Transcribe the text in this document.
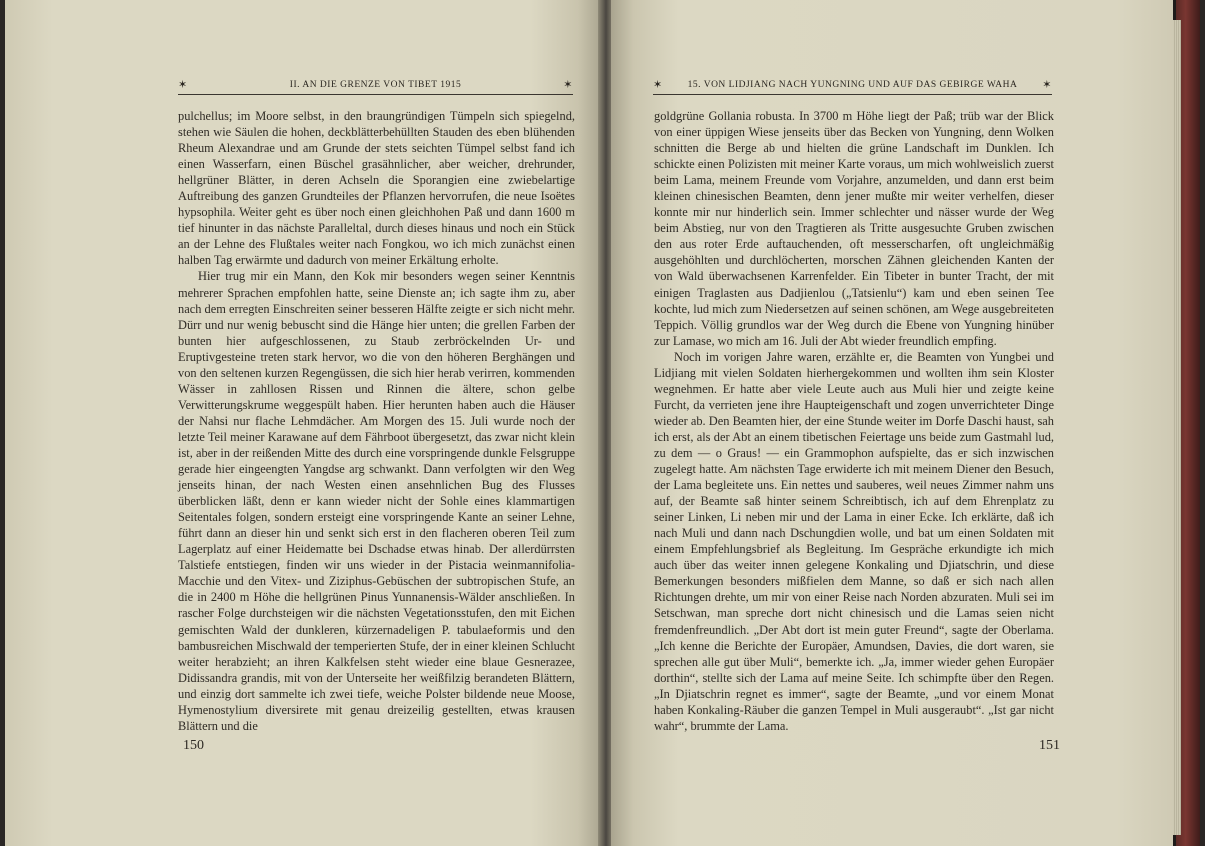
✶	II. AN DIE GRENZE VON TIBET 1915	✶

pulchellus; im Moore selbst, in den braungründigen Tümpeln sich spiegelnd, stehen wie Säulen die hohen, deckblätterbehüllten Stauden des eben blühenden Rheum Alexandrae und am Grunde der stets seichten Tümpel selbst fand ich einen Wasserfarn, einen Büschel grasähnlicher, aber weicher, drehrunder, hellgrüner Blätter, in deren Achseln die Sporangien eine zwiebelartige Auftreibung des ganzen Grundteiles der Pflanzen hervorrufen, die neue Isoëtes hypsophila. Weiter geht es über noch einen gleichhohen Paß und dann 1600 m tief hinunter in das nächste Paralleltal, durch dieses hinaus und noch ein Stück an der Lehne des Flußtales weiter nach Fongkou, wo ich mich zunächst einen halben Tag erwärmte und dadurch von meiner Erkältung erholte.

Hier trug mir ein Mann, den Kok mir besonders wegen seiner Kenntnis mehrerer Sprachen empfohlen hatte, seine Dienste an; ich sagte ihm zu, aber nach dem erregten Einschreiten seiner besseren Hälfte zeigte er sich nicht mehr. Dürr und nur wenig bebuscht sind die Hänge hier unten; die grellen Farben der bunten hier aufgeschlossenen, zu Staub zerbröckelnden Ur- und Eruptivgesteine treten stark hervor, wo die von den höheren Berghängen und von den seltenen kurzen Regengüssen, die sich hier herab verirren, kommenden Wässer in zahllosen Rissen und Rinnen die ältere, schon gelbe Verwitterungskrume weggespült haben. Hier herunten haben auch die Häuser der Nahsi nur flache Lehmdächer. Am Morgen des 15. Juli wurde noch der letzte Teil meiner Karawane auf dem Fährboot übergesetzt, das zwar nicht klein ist, aber in der reißenden Mitte des durch eine vorspringende dunkle Felsgruppe gerade hier eingeengten Yangdse arg schwankt. Dann verfolgten wir den Weg jenseits hinan, der nach Westen einen ansehnlichen Bug des Flusses überblicken läßt, denn er kann wieder nicht der Sohle eines klammartigen Seitentales folgen, sondern ersteigt eine vorspringende Kante an seiner Lehne, führt dann an dieser hin und senkt sich erst in den flacheren oberen Teil zum Lagerplatz auf einer Heidematte bei Dschadse etwas hinab. Der allerdürrsten Talstiefe entstiegen, finden wir uns wieder in der Pistacia weinmannifolia-Macchie und den Vitex- und Ziziphus-Gebüschen der subtropischen Stufe, an die in 2400 m Höhe die hellgrünen Pinus Yunnanensis-Wälder anschließen. In rascher Folge durchsteigen wir die nächsten Vegetationsstufen, den mit Eichen gemischten Wald der dunkleren, kürzernadeligen P. tabulaeformis und den bambusreichen Mischwald der temperierten Stufe, der in einer kleinen Schlucht weiter herabzieht; an ihren Kalkfelsen steht wieder eine blaue Gesnerazee, Didissandra grandis, mit von der Unterseite her weißfilzig berandeten Blättern, und einzig dort sammelte ich zwei tiefe, weiche Polster bildende neue Moose, Hymenostylium diversirete mit genau dreizeilig gestellten, etwas krausen Blättern und die

150
✶	15. VON LIDJIANG NACH YUNGNING UND AUF DAS GEBIRGE WAHA	✶

goldgrüne Gollania robusta. In 3700 m Höhe liegt der Paß; trüb war der Blick von einer üppigen Wiese jenseits über das Becken von Yungning, denn Wolken schnitten die Berge ab und hielten die grüne Landschaft im Dunklen. Ich schickte einen Polizisten mit meiner Karte voraus, um mich wohlweislich zuerst beim Lama, meinem Freunde vom Vorjahre, anzumelden, und dann erst beim kleinen chinesischen Beamten, denn jener mußte mir weiter verhelfen, dieser konnte mir nur hinderlich sein. Immer schlechter und nässer wurde der Weg beim Abstieg, nur von den Tragtieren als Tritte ausgesuchte Gruben zwischen den aus roter Erde auftauchenden, oft messerscharfen, oft ungleichmäßig ausgehöhlten und durchlöcherten, morschen Zähnen gleichenden Kanten der von Wald überwachsenen Karrenfelder. Ein Tibeter in bunter Tracht, der mit einigen Traglasten aus Dadjienlou („Tatsienlu“) kam und eben seinen Tee kochte, lud mich zum Niedersetzen auf seinen schönen, am Wege ausgebreiteten Teppich. Völlig grundlos war der Weg durch die Ebene von Yungning hinüber zur Lamase, wo mich am 16. Juli der Abt wieder freundlich empfing.

Noch im vorigen Jahre waren, erzählte er, die Beamten von Yungbei und Lidjiang mit vielen Soldaten hierhergekommen und wollten ihm sein Kloster wegnehmen. Er hatte aber viele Leute auch aus Muli hier und zeigte keine Furcht, da verrieten jene ihre Haupteigenschaft und zogen unverrichteter Dinge wieder ab. Den Beamten hier, der eine Stunde weiter im Dorfe Daschi haust, sah ich erst, als der Abt an einem tibetischen Feiertage uns beide zum Gastmahl lud, zu dem — o Graus! — ein Grammophon aufspielte, das er sich inzwischen zugelegt hatte. Am nächsten Tage erwiderte ich mit meinem Diener den Besuch, der Lama begleitete uns. Ein nettes und sauberes, weil neues Zimmer nahm uns auf, der Beamte saß hinter seinem Schreibtisch, ich auf dem Ehrenplatz zu seiner Linken, Li neben mir und der Lama in einer Ecke. Ich erklärte, daß ich nach Muli und dann nach Dschungdien wolle, und bat um einen Soldaten mit einem Empfehlungsbrief als Begleitung. Im Gespräche erkundigte ich mich auch über das weiter innen gelegene Konkaling und Djiatschrin, und diese Bemerkungen besonders mißfielen dem Manne, so daß er sich nach allen Richtungen drehte, um mir von einer Reise nach Norden abzuraten. Muli sei im Setschwan, man spreche dort nicht chinesisch und die Lamas seien nicht fremdenfreundlich. „Der Abt dort ist mein guter Freund“, sagte der Oberlama. „Ich kenne die Berichte der Europäer, Amundsen, Davies, die dort waren, sie sprechen alle gut über Muli“, bemerkte ich. „Ja, immer wieder gehen Europäer dorthin“, stellte sich der Lama auf meine Seite. Ich schimpfte über den Regen. „In Djiatschrin regnet es immer“, sagte der Beamte, „und vor einem Monat haben Konkaling-Räuber die ganzen Tempel in Muli ausgeraubt“. „Ist gar nicht wahr“, brummte der Lama.

151
